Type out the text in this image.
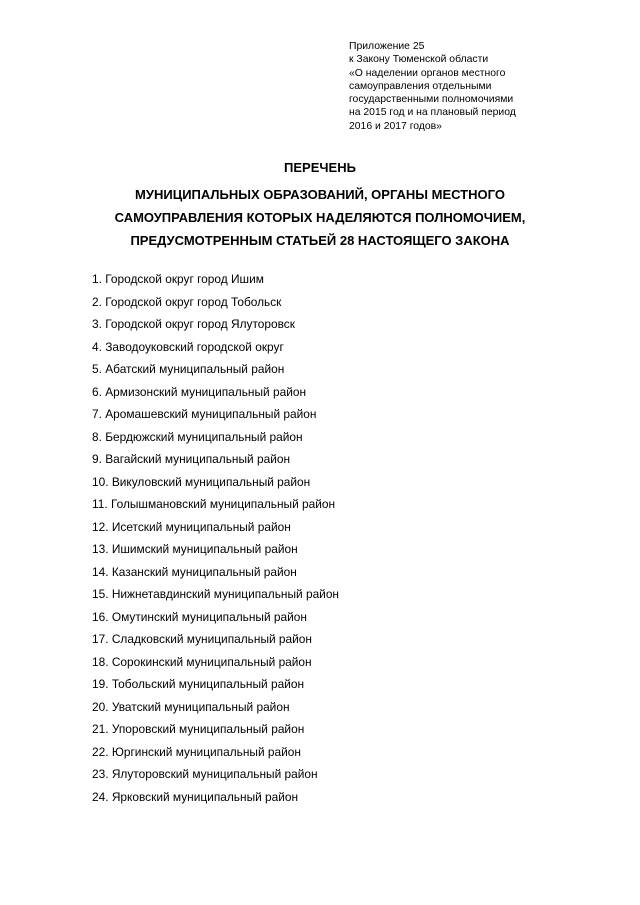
Приложение 25
к Закону Тюменской области
«О наделении органов местного
самоуправления отдельными
государственными полномочиями
на 2015 год и на плановый период
2016 и 2017 годов»
ПЕРЕЧЕНЬ
МУНИЦИПАЛЬНЫХ ОБРАЗОВАНИЙ, ОРГАНЫ МЕСТНОГО
САМОУПРАВЛЕНИЯ КОТОРЫХ НАДЕЛЯЮТСЯ ПОЛНОМОЧИЕМ,
ПРЕДУСМОТРЕННЫМ СТАТЬЕЙ 28 НАСТОЯЩЕГО ЗАКОНА
1. Городской округ город Ишим
2. Городской округ город Тобольск
3. Городской округ город Ялуторовск
4. Заводоуковский городской округ
5. Абатский муниципальный район
6. Армизонский муниципальный район
7. Аромашевский муниципальный район
8. Бердюжский муниципальный район
9. Вагайский муниципальный район
10. Викуловский муниципальный район
11. Голышмановский муниципальный район
12. Исетский муниципальный район
13. Ишимский муниципальный район
14. Казанский муниципальный район
15. Нижнетавдинский муниципальный район
16. Омутинский муниципальный район
17. Сладковский муниципальный район
18. Сорокинский муниципальный район
19. Тобольский муниципальный район
20. Уватский муниципальный район
21. Упоровский муниципальный район
22. Юргинский муниципальный район
23. Ялуторовский муниципальный район
24. Ярковский муниципальный район
